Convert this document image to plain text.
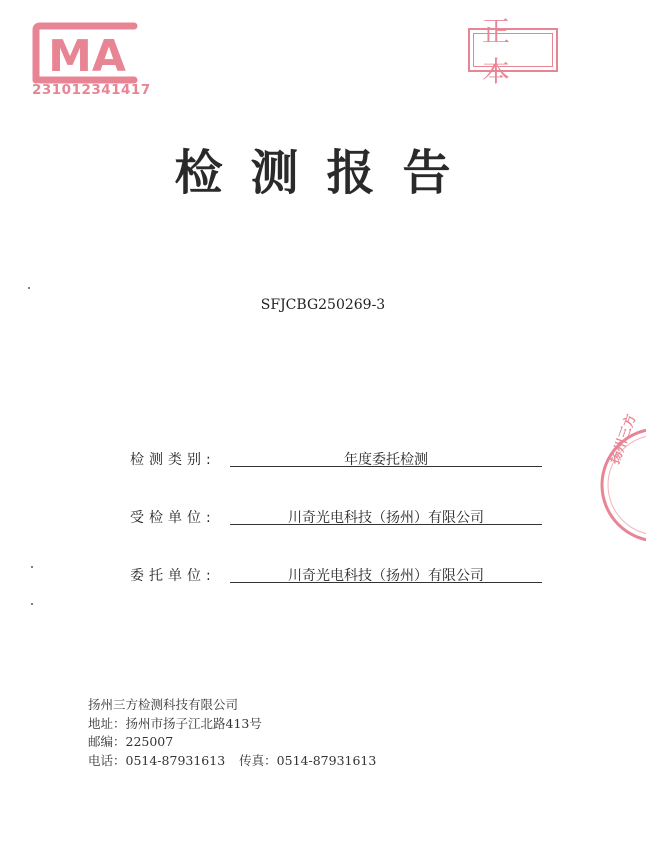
MA
231012341417
正本
检测报告
SFJCBG250269-3
检测类别:	年度委托检测
受检单位:	川奇光电科技（扬州）有限公司
委托单位:	川奇光电科技（扬州）有限公司
扬州三方检测科技有限公司
地址：扬州市扬子江北路413号
邮编：225007
电话：0514-87931613 传真：0514-87931613
扬州三方
